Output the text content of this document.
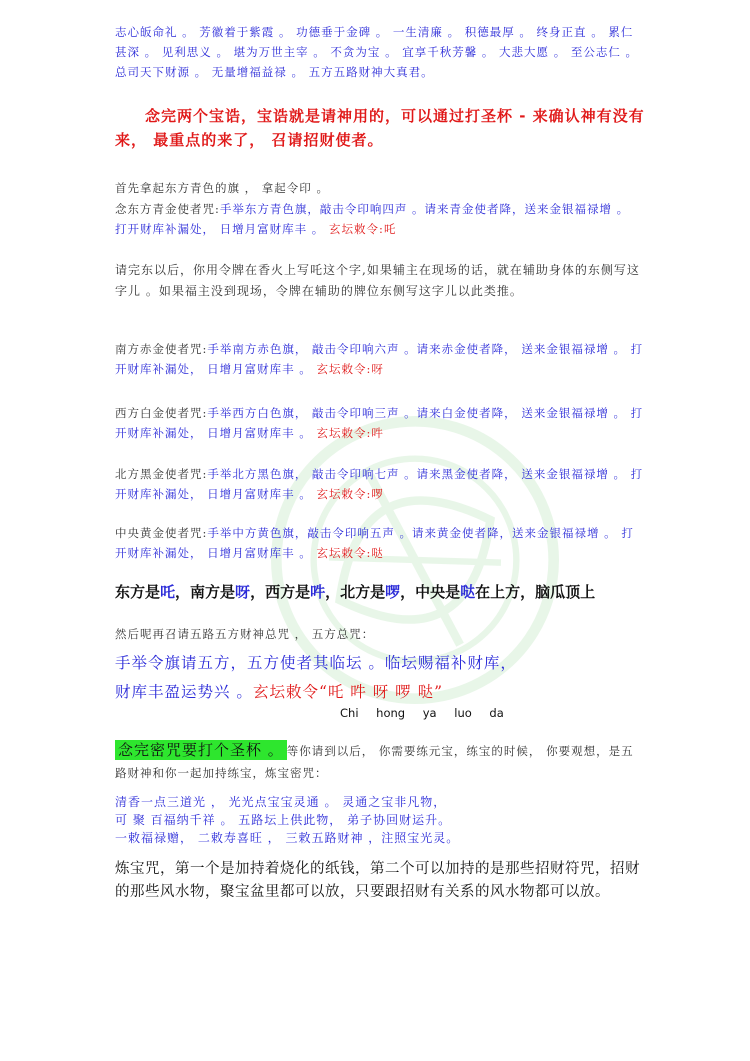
志心皈命礼 。 芳徽着于紫霞 。 功德垂于金碑 。 一生清廉 。 积德最厚 。 终身正直 。 累仁甚深 。 见利思义 。 堪为万世主宰 。 不贪为宝 。 宜享千秋芳馨 。 大悲大愿 。 至公志仁 。 总司天下财源 。 无量增福益禄 。 五方五路财神大真君。
念完两个宝诰，宝诰就是请神用的，可以通过打圣杯 - 来确认神有没有来， 最重点的来了， 召请招财使者。
首先拿起东方青色的旗 ， 拿起令印 。
念东方青金使者咒:手举东方青色旗，敲击令印响四声 。请来青金使者降，送来金银福禄增 。 打开财库补漏处， 日增月富财库丰 。 玄坛敕令:吒
请完东以后，你用令牌在香火上写吒这个字,如果辅主在现场的话，就在辅助身体的东侧写这字儿 。如果福主没到现场，令牌在辅助的牌位东侧写这字儿以此类推。
南方赤金使者咒:手举南方赤色旗， 敲击令印响六声 。请来赤金使者降， 送来金银福禄增 。 打开财库补漏处， 日增月富财库丰 。 玄坛敕令:呀
西方白金使者咒:手举西方白色旗， 敲击令印响三声 。请来白金使者降， 送来金银福禄增 。 打开财库补漏处， 日增月富财库丰 。 玄坛敕令:吽
北方黑金使者咒:手举北方黑色旗， 敲击令印响七声 。请来黑金使者降， 送来金银福禄增 。 打开财库补漏处， 日增月富财库丰 。 玄坛敕令:啰
中央黄金使者咒:手举中方黄色旗，敲击令印响五声 。请来黄金使者降，送来金银福禄增 。 打开财库补漏处， 日增月富财库丰 。 玄坛敕令:哒
东方是吒，南方是呀，西方是吽，北方是啰，中央是哒在上方，脑瓜顶上
然后呢再召请五路五方财神总咒 ， 五方总咒：
手举令旗请五方，五方使者其临坛 。临坛赐福补财库，
财库丰盈运势兴 。玄坛敕令“吒 吽 呀 啰 哒”
Chi hong ya luo da
念完密咒要打个圣杯 。 等你请到以后， 你需要练元宝，练宝的时候， 你要观想，是五路财神和你一起加持练宝，炼宝密咒：
清香一点三道光 ， 光光点宝宝灵通 。 灵通之宝非凡物，
可 聚 百福纳千祥 。 五路坛上供此物， 弟子协回财运升。
一敕福禄赠， 二敕寿喜旺 ， 三敕五路财神 ，注照宝光灵。
炼宝咒，第一个是加持着烧化的纸钱，第二个可以加持的是那些招财符咒，招财的那些风水物，聚宝盆里都可以放，只要跟招财有关系的风水物都可以放。
